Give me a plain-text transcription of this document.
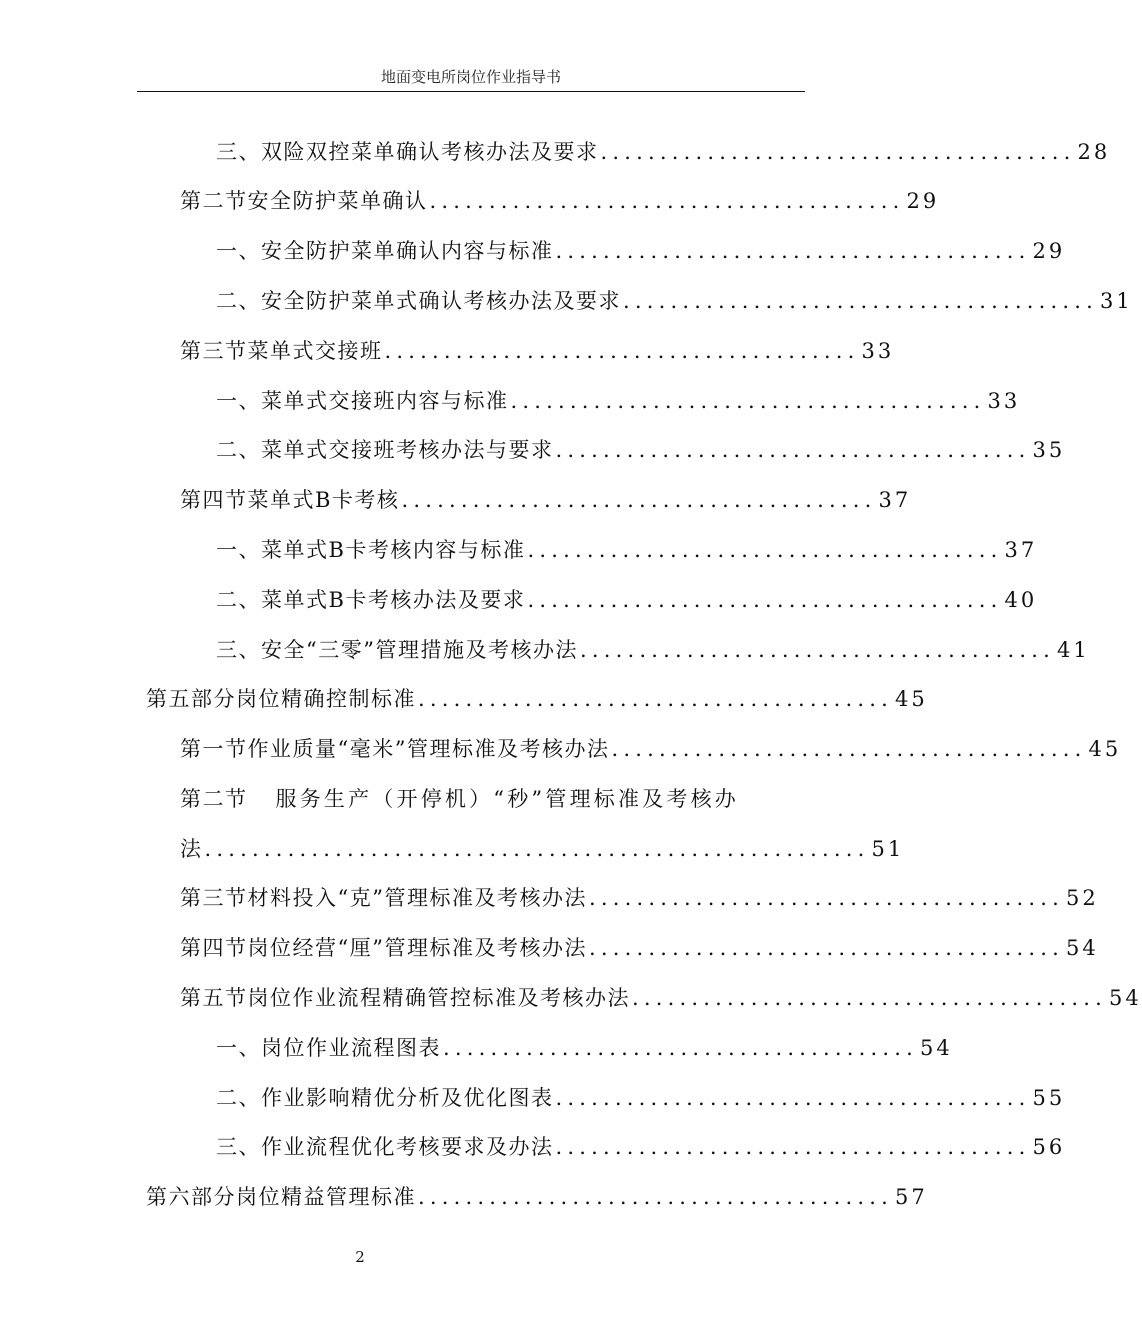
地面变电所岗位作业指导书
三、双险双控菜单确认考核办法及要求 ........................................ 28
第二节 安全防护菜单确认 ........................................ 29
一、安全防护菜单确认内容与标准 ........................................ 29
二、安全防护菜单式确认考核办法及要求 ........................................ 31
第三节 菜单式交接班 ........................................ 33
一、菜单式交接班内容与标准 ........................................ 33
二、菜单式交接班考核办法与要求 ........................................ 35
第四节 菜单式B卡考核 ........................................ 37
一、菜单式B卡考核内容与标准 ........................................ 37
二、菜单式B卡考核办法及要求 ........................................ 40
三、安全“三零”管理措施及考核办法 ........................................ 41
第五部分 岗位精确控制标准 ........................................ 45
第一节 作业质量“毫米”管理标准及考核办法 ........................................ 45
第二节 服务生产（开停机）“秒”管理标准及考核办
法 ........................................................ 51
第三节 材料投入“克”管理标准及考核办法 ........................................ 52
第四节 岗位经营“厘”管理标准及考核办法 ........................................ 54
第五节 岗位作业流程精确管控标准及考核办法 ........................................ 54
一、岗位作业流程图表 ........................................ 54
二、作业影响精优分析及优化图表 ........................................ 55
三、作业流程优化考核要求及办法 ........................................ 56
第六部分 岗位精益管理标准 ........................................ 57
2
